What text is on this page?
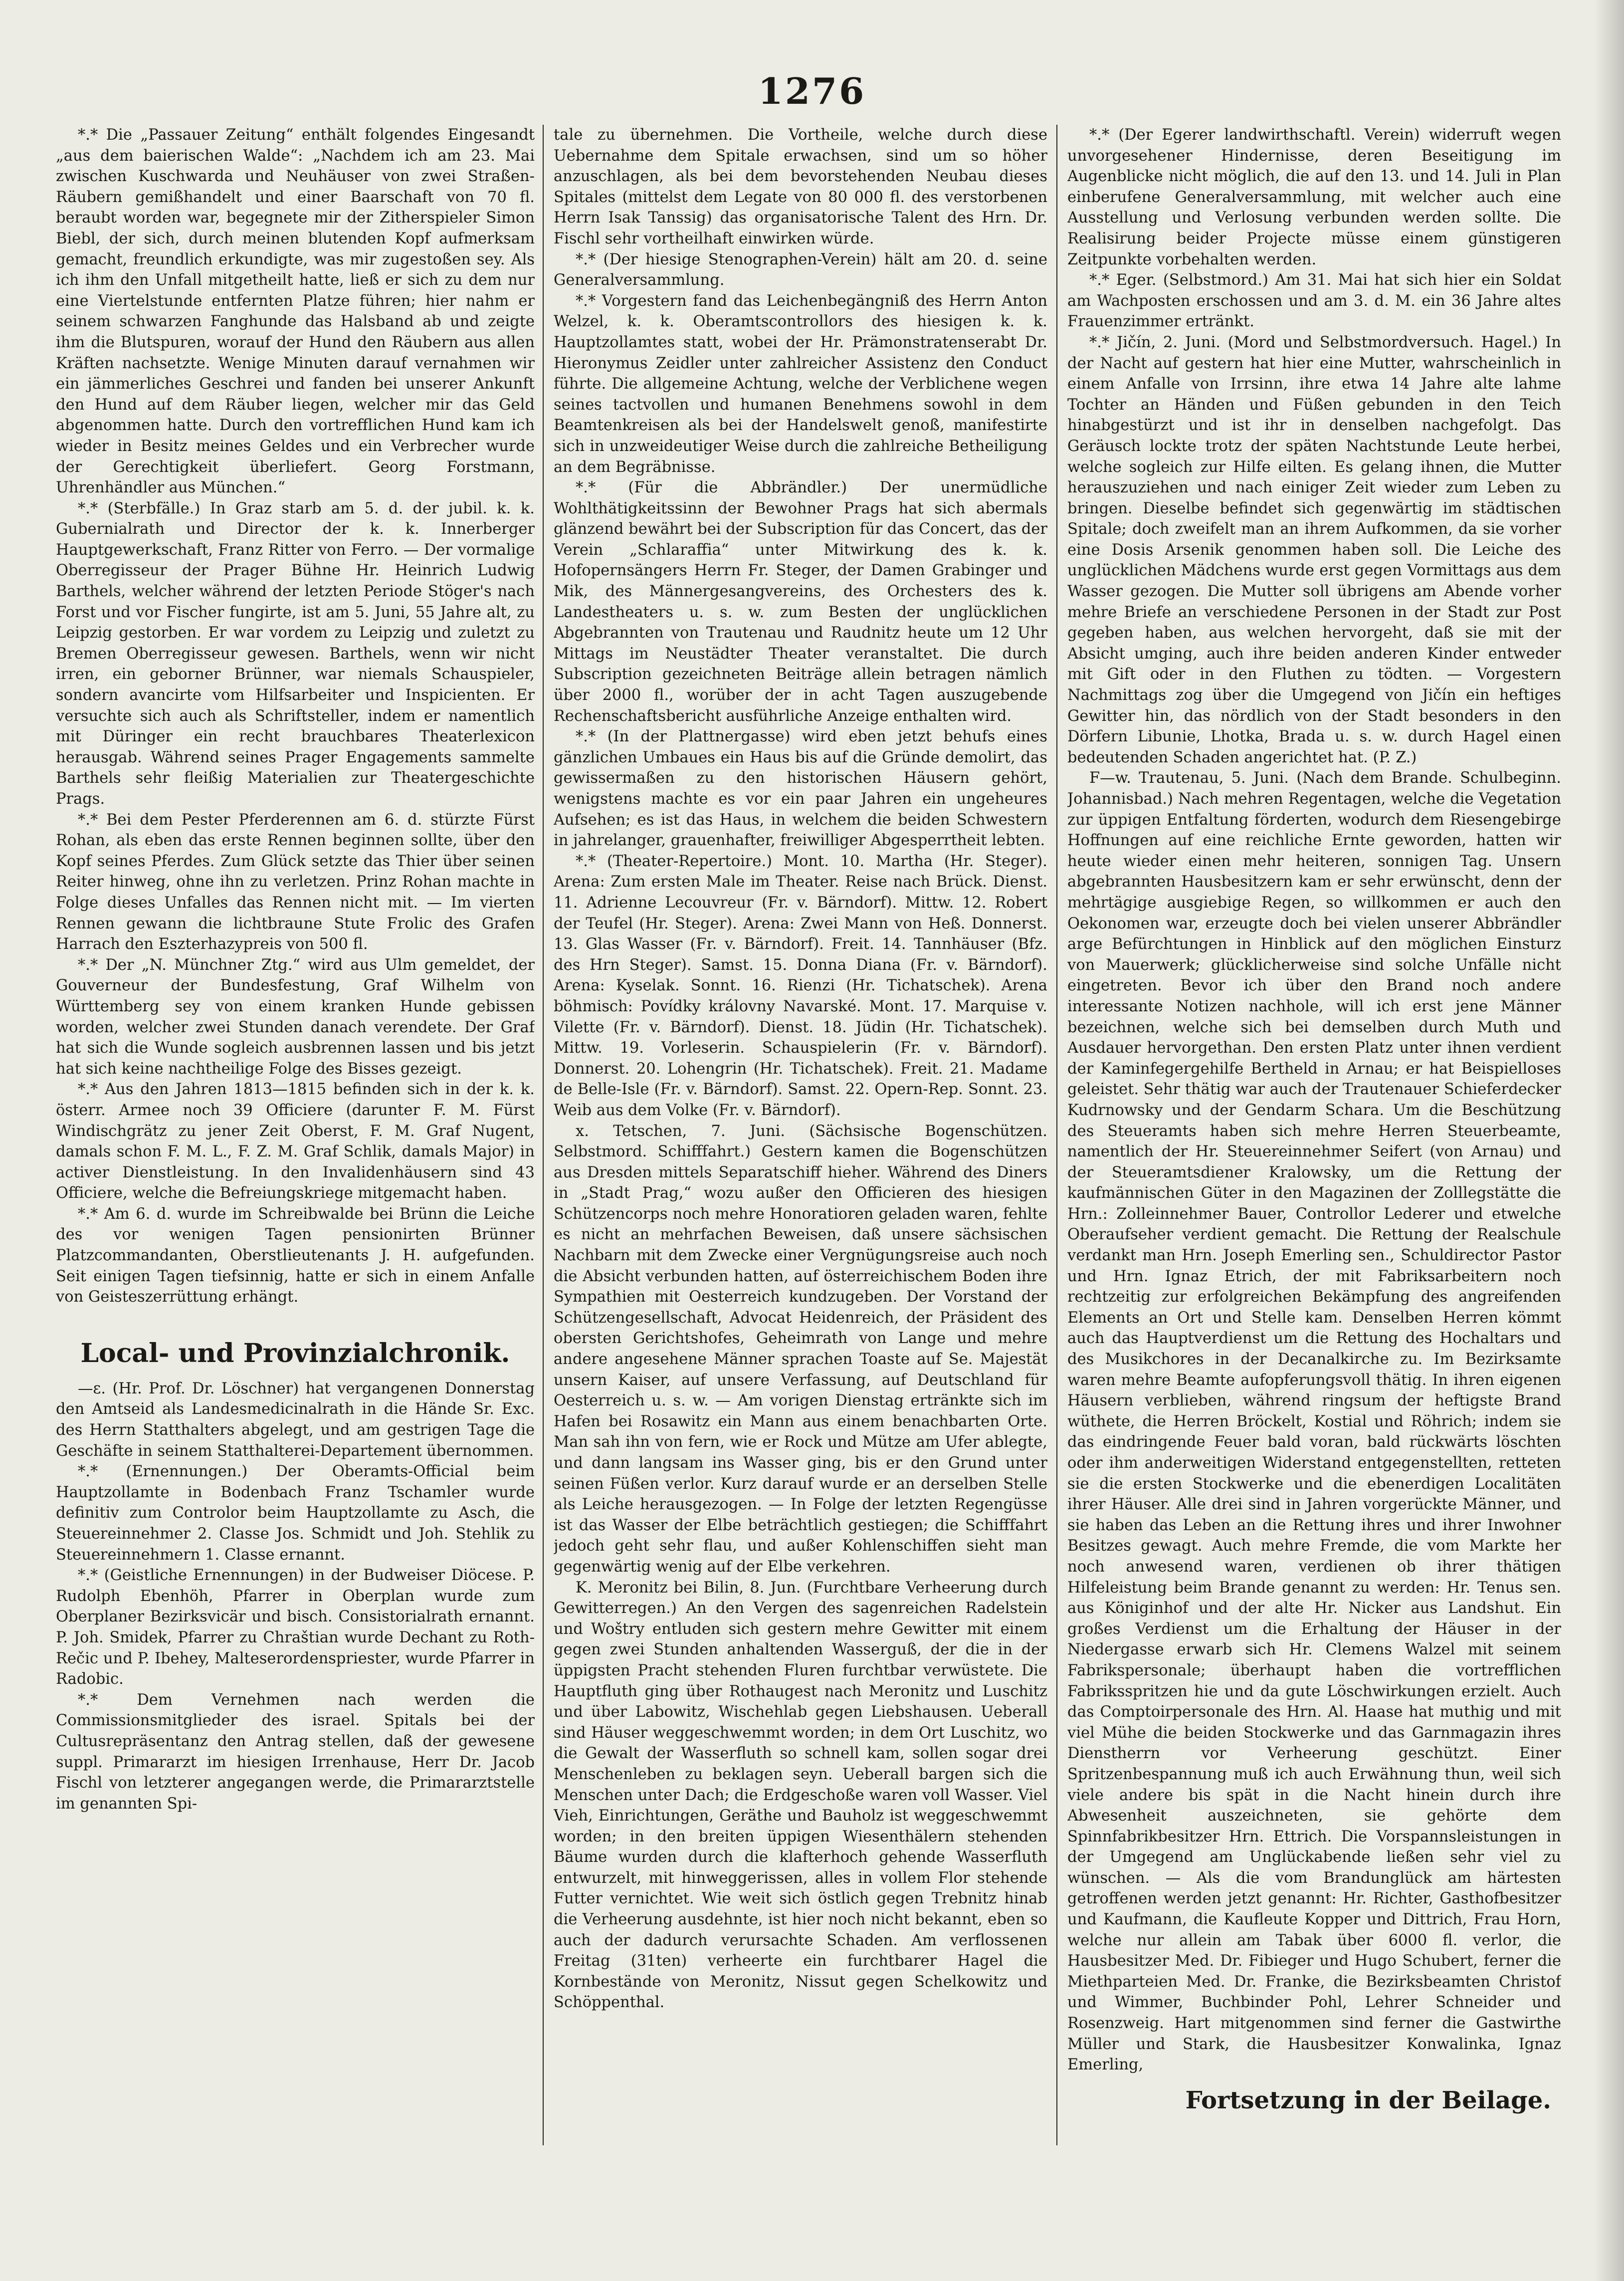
1276

*.* Die „Passauer Zeitung“ enthält folgendes Eingesandt „aus dem baierischen Walde“: „Nachdem ich am 23. Mai zwischen Kuschwarda und Neuhäuser von zwei Straßen-Räubern gemißhandelt und einer Baarschaft von 70 fl. beraubt worden war, begegnete mir der Zitherspieler Simon Biebl, der sich, durch meinen blutenden Kopf aufmerksam gemacht, freundlich erkundigte, was mir zugestoßen sey. Als ich ihm den Unfall mitgetheilt hatte, ließ er sich zu dem nur eine Viertelstunde entfernten Platze führen; hier nahm er seinem schwarzen Fanghunde das Halsband ab und zeigte ihm die Blutspuren, worauf der Hund den Räubern aus allen Kräften nachsetzte. Wenige Minuten darauf vernahmen wir ein jämmerliches Geschrei und fanden bei unserer Ankunft den Hund auf dem Räuber liegen, welcher mir das Geld abgenommen hatte. Durch den vortrefflichen Hund kam ich wieder in Besitz meines Geldes und ein Verbrecher wurde der Gerechtigkeit überliefert. Georg Forstmann, Uhrenhändler aus München.“

*.* (Sterbfälle.) In Graz starb am 5. d. der jubil. k. k. Gubernialrath und Director der k. k. Innerberger Hauptgewerkschaft, Franz Ritter von Ferro. — Der vormalige Oberregisseur der Prager Bühne Hr. Heinrich Ludwig Barthels, welcher während der letzten Periode Stöger's nach Forst und vor Fischer fungirte, ist am 5. Juni, 55 Jahre alt, zu Leipzig gestorben. Er war vordem zu Leipzig und zuletzt zu Bremen Oberregisseur gewesen. Barthels, wenn wir nicht irren, ein geborner Brünner, war niemals Schauspieler, sondern avancirte vom Hilfsarbeiter und Inspicienten. Er versuchte sich auch als Schriftsteller, indem er namentlich mit Düringer ein recht brauchbares Theaterlexicon herausgab. Während seines Prager Engagements sammelte Barthels sehr fleißig Materialien zur Theatergeschichte Prags.

*.* Bei dem Pester Pferderennen am 6. d. stürzte Fürst Rohan, als eben das erste Rennen beginnen sollte, über den Kopf seines Pferdes. Zum Glück setzte das Thier über seinen Reiter hinweg, ohne ihn zu verletzen. Prinz Rohan machte in Folge dieses Unfalles das Rennen nicht mit. — Im vierten Rennen gewann die lichtbraune Stute Frolic des Grafen Harrach den Eszterhazypreis von 500 fl.

*.* Der „N. Münchner Ztg.“ wird aus Ulm gemeldet, der Gouverneur der Bundesfestung, Graf Wilhelm von Württemberg sey von einem kranken Hunde gebissen worden, welcher zwei Stunden danach verendete. Der Graf hat sich die Wunde sogleich ausbrennen lassen und bis jetzt hat sich keine nachtheilige Folge des Bisses gezeigt.

*.* Aus den Jahren 1813—1815 befinden sich in der k. k. österr. Armee noch 39 Officiere (darunter F. M. Fürst Windischgrätz zu jener Zeit Oberst, F. M. Graf Nugent, damals schon F. M. L., F. Z. M. Graf Schlik, damals Major) in activer Dienstleistung. In den Invalidenhäusern sind 43 Officiere, welche die Befreiungskriege mitgemacht haben.

*.* Am 6. d. wurde im Schreibwalde bei Brünn die Leiche des vor wenigen Tagen pensionirten Brünner Platzcommandanten, Oberstlieutenants J. H. aufgefunden. Seit einigen Tagen tiefsinnig, hatte er sich in einem Anfalle von Geisteszerrüttung erhängt.

Local- und Provinzialchronik.

—ε. (Hr. Prof. Dr. Löschner) hat vergangenen Donnerstag den Amtseid als Landesmedicinalrath in die Hände Sr. Exc. des Herrn Statthalters abgelegt, und am gestrigen Tage die Geschäfte in seinem Statthalterei-Departement übernommen.

*.* (Ernennungen.) Der Oberamts-Official beim Hauptzollamte in Bodenbach Franz Tschamler wurde definitiv zum Controlor beim Hauptzollamte zu Asch, die Steuereinnehmer 2. Classe Jos. Schmidt und Joh. Stehlik zu Steuereinnehmern 1. Classe ernannt.

*.* (Geistliche Ernennungen) in der Budweiser Diöcese. P. Rudolph Ebenhöh, Pfarrer in Oberplan wurde zum Oberplaner Bezirksvicär und bisch. Consistorialrath ernannt. P. Joh. Smidek, Pfarrer zu Chraštian wurde Dechant zu Roth-Rečic und P. Ibehey, Malteserordenspriester, wurde Pfarrer in Radobic.

*.* Dem Vernehmen nach werden die Commissionsmitglieder des israel. Spitals bei der Cultusrepräsentanz den Antrag stellen, daß der gewesene suppl. Primararzt im hiesigen Irrenhause, Herr Dr. Jacob Fischl von letzterer angegangen werde, die Primararztstelle im genannten Spi-

tale zu übernehmen. Die Vortheile, welche durch diese Uebernahme dem Spitale erwachsen, sind um so höher anzuschlagen, als bei dem bevorstehenden Neubau dieses Spitales (mittelst dem Legate von 80 000 fl. des verstorbenen Herrn Isak Tanssig) das organisatorische Talent des Hrn. Dr. Fischl sehr vortheilhaft einwirken würde.

*.* (Der hiesige Stenographen-Verein) hält am 20. d. seine Generalversammlung.

*.* Vorgestern fand das Leichenbegängniß des Herrn Anton Welzel, k. k. Oberamtscontrollors des hiesigen k. k. Hauptzollamtes statt, wobei der Hr. Prämonstratenserabt Dr. Hieronymus Zeidler unter zahlreicher Assistenz den Conduct führte. Die allgemeine Achtung, welche der Verblichene wegen seines tactvollen und humanen Benehmens sowohl in dem Beamtenkreisen als bei der Handelswelt genoß, manifestirte sich in unzweideutiger Weise durch die zahlreiche Betheiligung an dem Begräbnisse.

*.* (Für die Abbrändler.) Der unermüdliche Wohlthätigkeitssinn der Bewohner Prags hat sich abermals glänzend bewährt bei der Subscription für das Concert, das der Verein „Schlaraffia“ unter Mitwirkung des k. k. Hofopernsängers Herrn Fr. Steger, der Damen Grabinger und Mik, des Männergesangvereins, des Orchesters des k. Landestheaters u. s. w. zum Besten der unglücklichen Abgebrannten von Trautenau und Raudnitz heute um 12 Uhr Mittags im Neustädter Theater veranstaltet. Die durch Subscription gezeichneten Beiträge allein betragen nämlich über 2000 fl., worüber der in acht Tagen auszugebende Rechenschaftsbericht ausführliche Anzeige enthalten wird.

*.* (In der Plattnergasse) wird eben jetzt behufs eines gänzlichen Umbaues ein Haus bis auf die Gründe demolirt, das gewissermaßen zu den historischen Häusern gehört, wenigstens machte es vor ein paar Jahren ein ungeheures Aufsehen; es ist das Haus, in welchem die beiden Schwestern in jahrelanger, grauenhafter, freiwilliger Abgesperrtheit lebten.

*.* (Theater-Repertoire.) Mont. 10. Martha (Hr. Steger). Arena: Zum ersten Male im Theater. Reise nach Brück. Dienst. 11. Adrienne Lecouvreur (Fr. v. Bärndorf). Mittw. 12. Robert der Teufel (Hr. Steger). Arena: Zwei Mann von Heß. Donnerst. 13. Glas Wasser (Fr. v. Bärndorf). Freit. 14. Tannhäuser (Bfz. des Hrn Steger). Samst. 15. Donna Diana (Fr. v. Bärndorf). Arena: Kyselak. Sonnt. 16. Rienzi (Hr. Tichatschek). Arena böhmisch: Povídky královny Navarské. Mont. 17. Marquise v. Vilette (Fr. v. Bärndorf). Dienst. 18. Jüdin (Hr. Tichatschek). Mittw. 19. Vorleserin. Schauspielerin (Fr. v. Bärndorf). Donnerst. 20. Lohengrin (Hr. Tichatschek). Freit. 21. Madame de Belle-Isle (Fr. v. Bärndorf). Samst. 22. Opern-Rep. Sonnt. 23. Weib aus dem Volke (Fr. v. Bärndorf).

x. Tetschen, 7. Juni. (Sächsische Bogenschützen. Selbstmord. Schifffahrt.) Gestern kamen die Bogenschützen aus Dresden mittels Separatschiff hieher. Während des Diners in „Stadt Prag,“ wozu außer den Officieren des hiesigen Schützencorps noch mehre Honoratioren geladen waren, fehlte es nicht an mehrfachen Beweisen, daß unsere sächsischen Nachbarn mit dem Zwecke einer Vergnügungsreise auch noch die Absicht verbunden hatten, auf österreichischem Boden ihre Sympathien mit Oesterreich kundzugeben. Der Vorstand der Schützengesellschaft, Advocat Heidenreich, der Präsident des obersten Gerichtshofes, Geheimrath von Lange und mehre andere angesehene Männer sprachen Toaste auf Se. Majestät unsern Kaiser, auf unsere Verfassung, auf Deutschland für Oesterreich u. s. w. — Am vorigen Dienstag ertränkte sich im Hafen bei Rosawitz ein Mann aus einem benachbarten Orte. Man sah ihn von fern, wie er Rock und Mütze am Ufer ablegte, und dann langsam ins Wasser ging, bis er den Grund unter seinen Füßen verlor. Kurz darauf wurde er an derselben Stelle als Leiche herausgezogen. — In Folge der letzten Regengüsse ist das Wasser der Elbe beträchtlich gestiegen; die Schifffahrt jedoch geht sehr flau, und außer Kohlenschiffen sieht man gegenwärtig wenig auf der Elbe verkehren.

K. Meronitz bei Bilin, 8. Jun. (Furchtbare Verheerung durch Gewitterregen.) An den Vergen des sagenreichen Radelstein und Woštry entluden sich gestern mehre Gewitter mit einem gegen zwei Stunden anhaltenden Wasserguß, der die in der üppigsten Pracht stehenden Fluren furchtbar verwüstete. Die Hauptfluth ging über Rothaugest nach Meronitz und Luschitz und über Labowitz, Wischehlab gegen Liebshausen. Ueberall sind Häuser weggeschwemmt worden; in dem Ort Luschitz, wo die Gewalt der Wasserfluth so schnell kam, sollen sogar drei Menschenleben zu beklagen seyn. Ueberall bargen sich die Menschen unter Dach; die Erdgeschoße waren voll Wasser. Viel Vieh, Einrichtungen, Geräthe und Bauholz ist weggeschwemmt worden; in den breiten üppigen Wiesenthälern stehenden Bäume wurden durch die klafterhoch gehende Wasserfluth entwurzelt, mit hinweggerissen, alles in vollem Flor stehende Futter vernichtet. Wie weit sich östlich gegen Trebnitz hinab die Verheerung ausdehnte, ist hier noch nicht bekannt, eben so auch der dadurch verursachte Schaden. Am verflossenen Freitag (31ten) verheerte ein furchtbarer Hagel die Kornbestände von Meronitz, Nissut gegen Schelkowitz und Schöppenthal.

*.* (Der Egerer landwirthschaftl. Verein) widerruft wegen unvorgesehener Hindernisse, deren Beseitigung im Augenblicke nicht möglich, die auf den 13. und 14. Juli in Plan einberufene Generalversammlung, mit welcher auch eine Ausstellung und Verlosung verbunden werden sollte. Die Realisirung beider Projecte müsse einem günstigeren Zeitpunkte vorbehalten werden.

*.* Eger. (Selbstmord.) Am 31. Mai hat sich hier ein Soldat am Wachposten erschossen und am 3. d. M. ein 36 Jahre altes Frauenzimmer ertränkt.

*.* Jičín, 2. Juni. (Mord und Selbstmordversuch. Hagel.) In der Nacht auf gestern hat hier eine Mutter, wahrscheinlich in einem Anfalle von Irrsinn, ihre etwa 14 Jahre alte lahme Tochter an Händen und Füßen gebunden in den Teich hinabgestürzt und ist ihr in denselben nachgefolgt. Das Geräusch lockte trotz der späten Nachtstunde Leute herbei, welche sogleich zur Hilfe eilten. Es gelang ihnen, die Mutter herauszuziehen und nach einiger Zeit wieder zum Leben zu bringen. Dieselbe befindet sich gegenwärtig im städtischen Spitale; doch zweifelt man an ihrem Aufkommen, da sie vorher eine Dosis Arsenik genommen haben soll. Die Leiche des unglücklichen Mädchens wurde erst gegen Vormittags aus dem Wasser gezogen. Die Mutter soll übrigens am Abende vorher mehre Briefe an verschiedene Personen in der Stadt zur Post gegeben haben, aus welchen hervorgeht, daß sie mit der Absicht umging, auch ihre beiden anderen Kinder entweder mit Gift oder in den Fluthen zu tödten. — Vorgestern Nachmittags zog über die Umgegend von Jičín ein heftiges Gewitter hin, das nördlich von der Stadt besonders in den Dörfern Libunie, Lhotka, Brada u. s. w. durch Hagel einen bedeutenden Schaden angerichtet hat. (P. Z.)

F—w. Trautenau, 5. Juni. (Nach dem Brande. Schulbeginn. Johannisbad.) Nach mehren Regentagen, welche die Vegetation zur üppigen Entfaltung förderten, wodurch dem Riesengebirge Hoffnungen auf eine reichliche Ernte geworden, hatten wir heute wieder einen mehr heiteren, sonnigen Tag. Unsern abgebrannten Hausbesitzern kam er sehr erwünscht, denn der mehrtägige ausgiebige Regen, so willkommen er auch den Oekonomen war, erzeugte doch bei vielen unserer Abbrändler arge Befürchtungen in Hinblick auf den möglichen Einsturz von Mauerwerk; glücklicherweise sind solche Unfälle nicht eingetreten. Bevor ich über den Brand noch andere interessante Notizen nachhole, will ich erst jene Männer bezeichnen, welche sich bei demselben durch Muth und Ausdauer hervorgethan. Den ersten Platz unter ihnen verdient der Kaminfegergehilfe Bertheld in Arnau; er hat Beispielloses geleistet. Sehr thätig war auch der Trautenauer Schieferdecker Kudrnowsky und der Gendarm Schara. Um die Beschützung des Steueramts haben sich mehre Herren Steuerbeamte, namentlich der Hr. Steuereinnehmer Seifert (von Arnau) und der Steueramtsdiener Kralowsky, um die Rettung der kaufmännischen Güter in den Magazinen der Zolllegstätte die Hrn.: Zolleinnehmer Bauer, Controllor Lederer und etwelche Oberaufseher verdient gemacht. Die Rettung der Realschule verdankt man Hrn. Joseph Emerling sen., Schuldirector Pastor und Hrn. Ignaz Etrich, der mit Fabriksarbeitern noch rechtzeitig zur erfolgreichen Bekämpfung des angreifenden Elements an Ort und Stelle kam. Denselben Herren kömmt auch das Hauptverdienst um die Rettung des Hochaltars und des Musikchores in der Decanalkirche zu. Im Bezirksamte waren mehre Beamte aufopferungsvoll thätig. In ihren eigenen Häusern verblieben, während ringsum der heftigste Brand wüthete, die Herren Bröckelt, Kostial und Röhrich; indem sie das eindringende Feuer bald voran, bald rückwärts löschten oder ihm anderweitigen Widerstand entgegenstellten, retteten sie die ersten Stockwerke und die ebenerdigen Localitäten ihrer Häuser. Alle drei sind in Jahren vorgerückte Männer, und sie haben das Leben an die Rettung ihres und ihrer Inwohner Besitzes gewagt. Auch mehre Fremde, die vom Markte her noch anwesend waren, verdienen ob ihrer thätigen Hilfeleistung beim Brande genannt zu werden: Hr. Tenus sen. aus Königinhof und der alte Hr. Nicker aus Landshut. Ein großes Verdienst um die Erhaltung der Häuser in der Niedergasse erwarb sich Hr. Clemens Walzel mit seinem Fabrikspersonale; überhaupt haben die vortrefflichen Fabriksspritzen hie und da gute Löschwirkungen erzielt. Auch das Comptoirpersonale des Hrn. Al. Haase hat muthig und mit viel Mühe die beiden Stockwerke und das Garnmagazin ihres Dienstherrn vor Verheerung geschützt. Einer Spritzenbespannung muß ich auch Erwähnung thun, weil sich viele andere bis spät in die Nacht hinein durch ihre Abwesenheit auszeichneten, sie gehörte dem Spinnfabrikbesitzer Hrn. Ettrich. Die Vorspannsleistungen in der Umgegend am Unglückabende ließen sehr viel zu wünschen. — Als die vom Brandunglück am härtesten getroffenen werden jetzt genannt: Hr. Richter, Gasthofbesitzer und Kaufmann, die Kaufleute Kopper und Dittrich, Frau Horn, welche nur allein am Tabak über 6000 fl. verlor, die Hausbesitzer Med. Dr. Fibieger und Hugo Schubert, ferner die Miethparteien Med. Dr. Franke, die Bezirksbeamten Christof und Wimmer, Buchbinder Pohl, Lehrer Schneider und Rosenzweig. Hart mitgenommen sind ferner die Gastwirthe Müller und Stark, die Hausbesitzer Konwalinka, Ignaz Emerling,

Fortsetzung in der Beilage.
